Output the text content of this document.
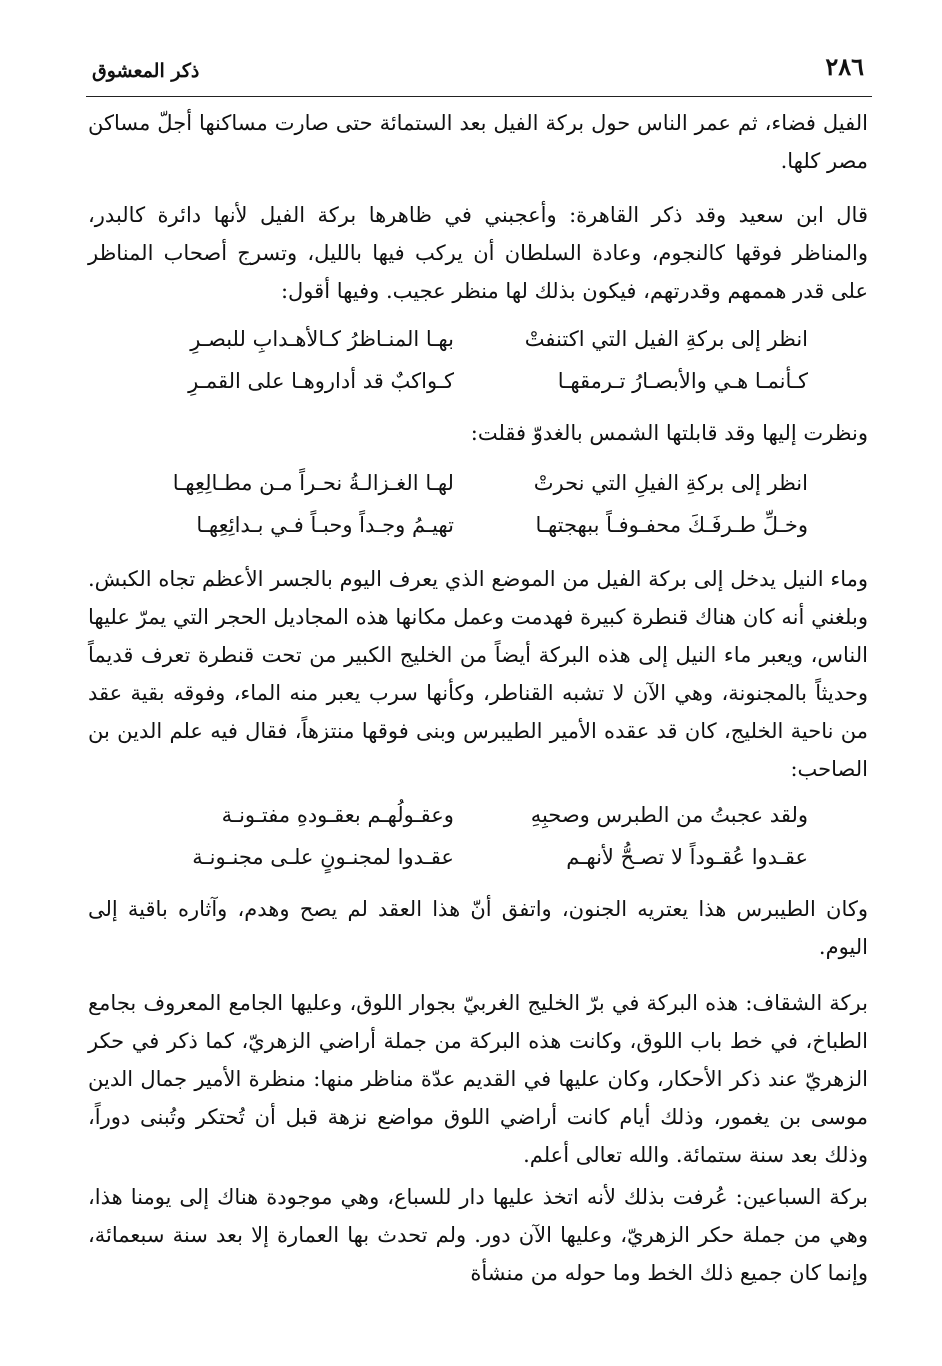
٢٨٦
ذكر المعشوق

الفيل فضاء، ثم عمر الناس حول بركة الفيل بعد الستمائة حتى صارت مساكنها أجلّ مساكن مصر كلها.

قال ابن سعيد وقد ذكر القاهرة: وأعجبني في ظاهرها بركة الفيل لأنها دائرة كالبدر، والمناظر فوقها كالنجوم، وعادة السلطان أن يركب فيها بالليل، وتسرج أصحاب المناظر على قدر هممهم وقدرتهم، فيكون بذلك لها منظر عجيب. وفيها أقول:

انظر إلى بركةِ الفيل التي اكتنفتْ
بهـا المنـاظرُ كـالأهـدابِ للبصـرِ
كـأنمـا هـي والأبصـارُ تـرمقهـا
كـواكبٌ قد أداروهـا على القمـرِ

ونظرت إليها وقد قابلتها الشمس بالغدوّ فقلت:

انظر إلى بركةِ الفيلِ التي نحرتْ
لهـا الغـزالـةُ نحـراً مـن مطـالِعِهـا
وخـلِّ طـرفَـكَ محفـوفـاً ببهجتهـا
تهيـمُ وجـداً وحبـاً فـي بـدائِعِهـا

وماء النيل يدخل إلى بركة الفيل من الموضع الذي يعرف اليوم بالجسر الأعظم تجاه الكبش. وبلغني أنه كان هناك قنطرة كبيرة فهدمت وعمل مكانها هذه المجاديل الحجر التي يمرّ عليها الناس، ويعبر ماء النيل إلى هذه البركة أيضاً من الخليج الكبير من تحت قنطرة تعرف قديماً وحديثاً بالمجنونة، وهي الآن لا تشبه القناطر، وكأنها سرب يعبر منه الماء، وفوقه بقية عقد من ناحية الخليج، كان قد عقده الأمير الطيبرس وبنى فوقها منتزهاً، فقال فيه علم الدين بن الصاحب:

ولقد عجبتُ من الطبرس وصحبِهِ
وعقـولُهـم بعقـودهِ مفتـونـة
عقـدوا عُقـوداً لا تصـحُّ لأنهـم
عقـدوا لمجنـونٍ علـى مجنـونـة

وكان الطيبرس هذا يعتريه الجنون، واتفق أنّ هذا العقد لم يصح وهدم، وآثاره باقية إلى اليوم.

بركة الشقاف: هذه البركة في برّ الخليج الغربيّ بجوار اللوق، وعليها الجامع المعروف بجامع الطباخ، في خط باب اللوق، وكانت هذه البركة من جملة أراضي الزهريّ، كما ذكر في حكر الزهريّ عند ذكر الأحكار، وكان عليها في القديم عدّة مناظر منها: منظرة الأمير جمال الدين موسى بن يغمور، وذلك أيام كانت أراضي اللوق مواضع نزهة قبل أن تُحتكر وتُبنى دوراً، وذلك بعد سنة ستمائة. والله تعالى أعلم.

بركة السباعين: عُرفت بذلك لأنه اتخذ عليها دار للسباع، وهي موجودة هناك إلى يومنا هذا، وهي من جملة حكر الزهريّ، وعليها الآن دور. ولم تحدث بها العمارة إلا بعد سنة سبعمائة، وإنما كان جميع ذلك الخط وما حوله من منشأة
